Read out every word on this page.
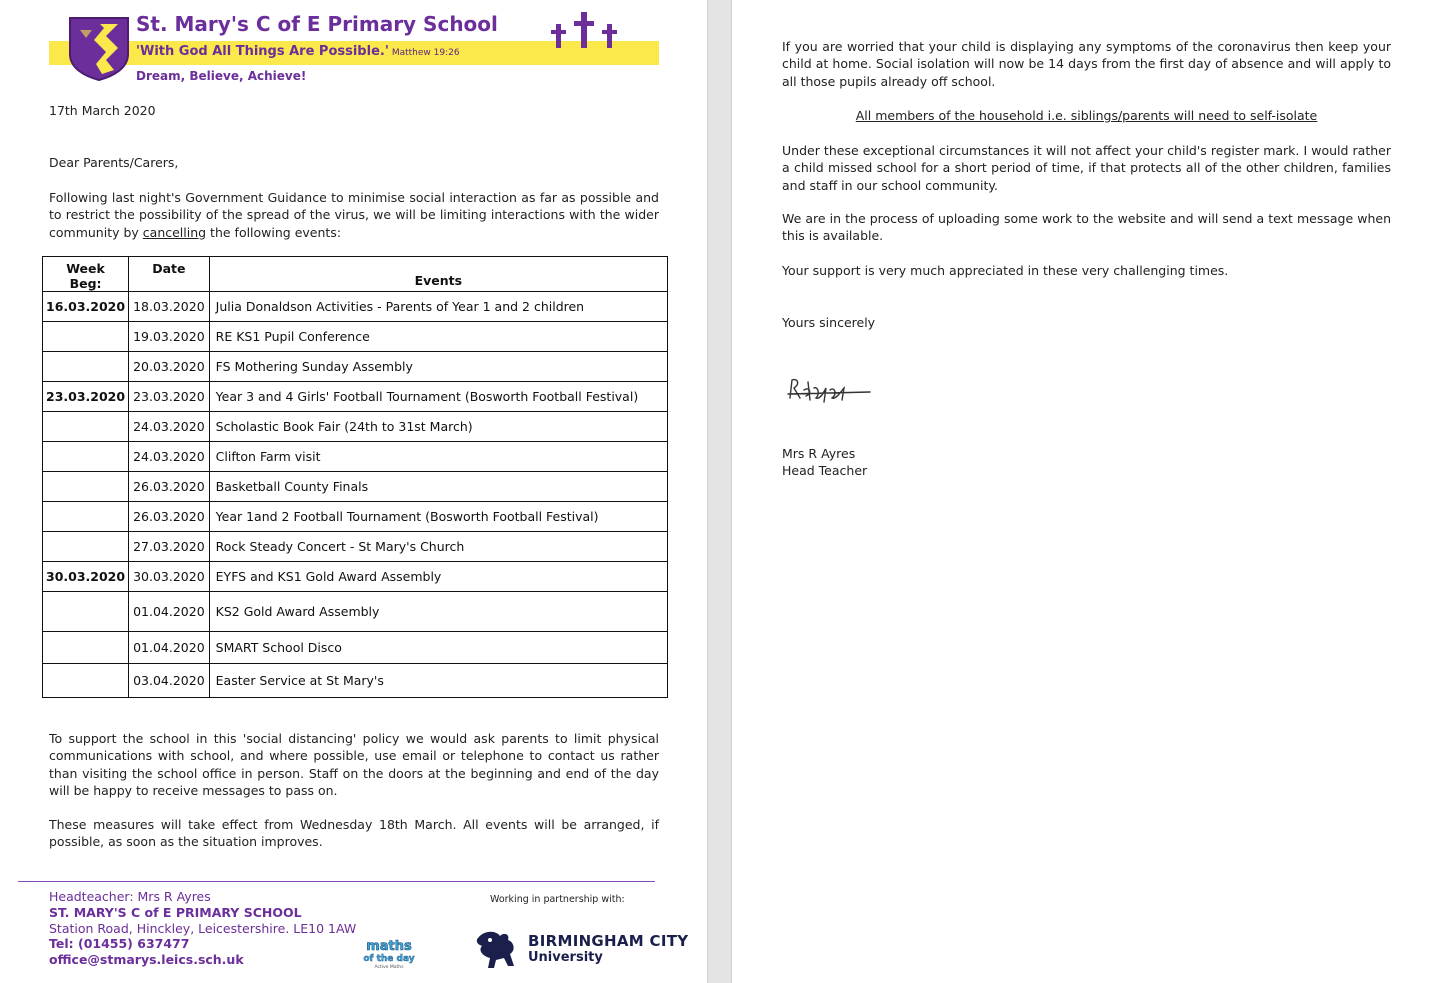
St. Mary's C of E Primary School
'With God All Things Are Possible.' Matthew 19:26
Dream, Believe, Achieve!
17th March 2020
Dear Parents/Carers,
Following last night's Government Guidance to minimise social interaction as far as possible and to restrict the possibility of the spread of the virus, we will be limiting interactions with the wider community by cancelling the following events:
Week Beg:	Date	Events
16.03.2020	18.03.2020	Julia Donaldson Activities - Parents of Year 1 and 2 children
	19.03.2020	RE KS1 Pupil Conference
	20.03.2020	FS Mothering Sunday Assembly
23.03.2020	23.03.2020	Year 3 and 4 Girls' Football Tournament (Bosworth Football Festival)
	24.03.2020	Scholastic Book Fair (24th to 31st March)
	24.03.2020	Clifton Farm visit
	26.03.2020	Basketball County Finals
	26.03.2020	Year 1and 2 Football Tournament (Bosworth Football Festival)
	27.03.2020	Rock Steady Concert - St Mary's Church
30.03.2020	30.03.2020	EYFS and KS1 Gold Award Assembly
	01.04.2020	KS2 Gold Award Assembly
	01.04.2020	SMART School Disco
	03.04.2020	Easter Service at St Mary's
To support the school in this 'social distancing' policy we would ask parents to limit physical communications with school, and where possible, use email or telephone to contact us rather than visiting the school office in person. Staff on the doors at the beginning and end of the day will be happy to receive messages to pass on.
These measures will take effect from Wednesday 18th March. All events will be arranged, if possible, as soon as the situation improves.
Headteacher: Mrs R Ayres
ST. MARY'S C of E PRIMARY SCHOOL
Station Road, Hinckley, Leicestershire. LE10 1AW
Tel: (01455) 637477
office@stmarys.leics.sch.uk
Working in partnership with:
maths
of the day
Active Maths
BIRMINGHAM CITY
University
If you are worried that your child is displaying any symptoms of the coronavirus then keep your child at home. Social isolation will now be 14 days from the first day of absence and will apply to all those pupils already off school.
All members of the household i.e. siblings/parents will need to self-isolate
Under these exceptional circumstances it will not affect your child's register mark. I would rather a child missed school for a short period of time, if that protects all of the other children, families and staff in our school community.
We are in the process of uploading some work to the website and will send a text message when this is available.
Your support is very much appreciated in these very challenging times.
Yours sincerely
Mrs R Ayres
Head Teacher
